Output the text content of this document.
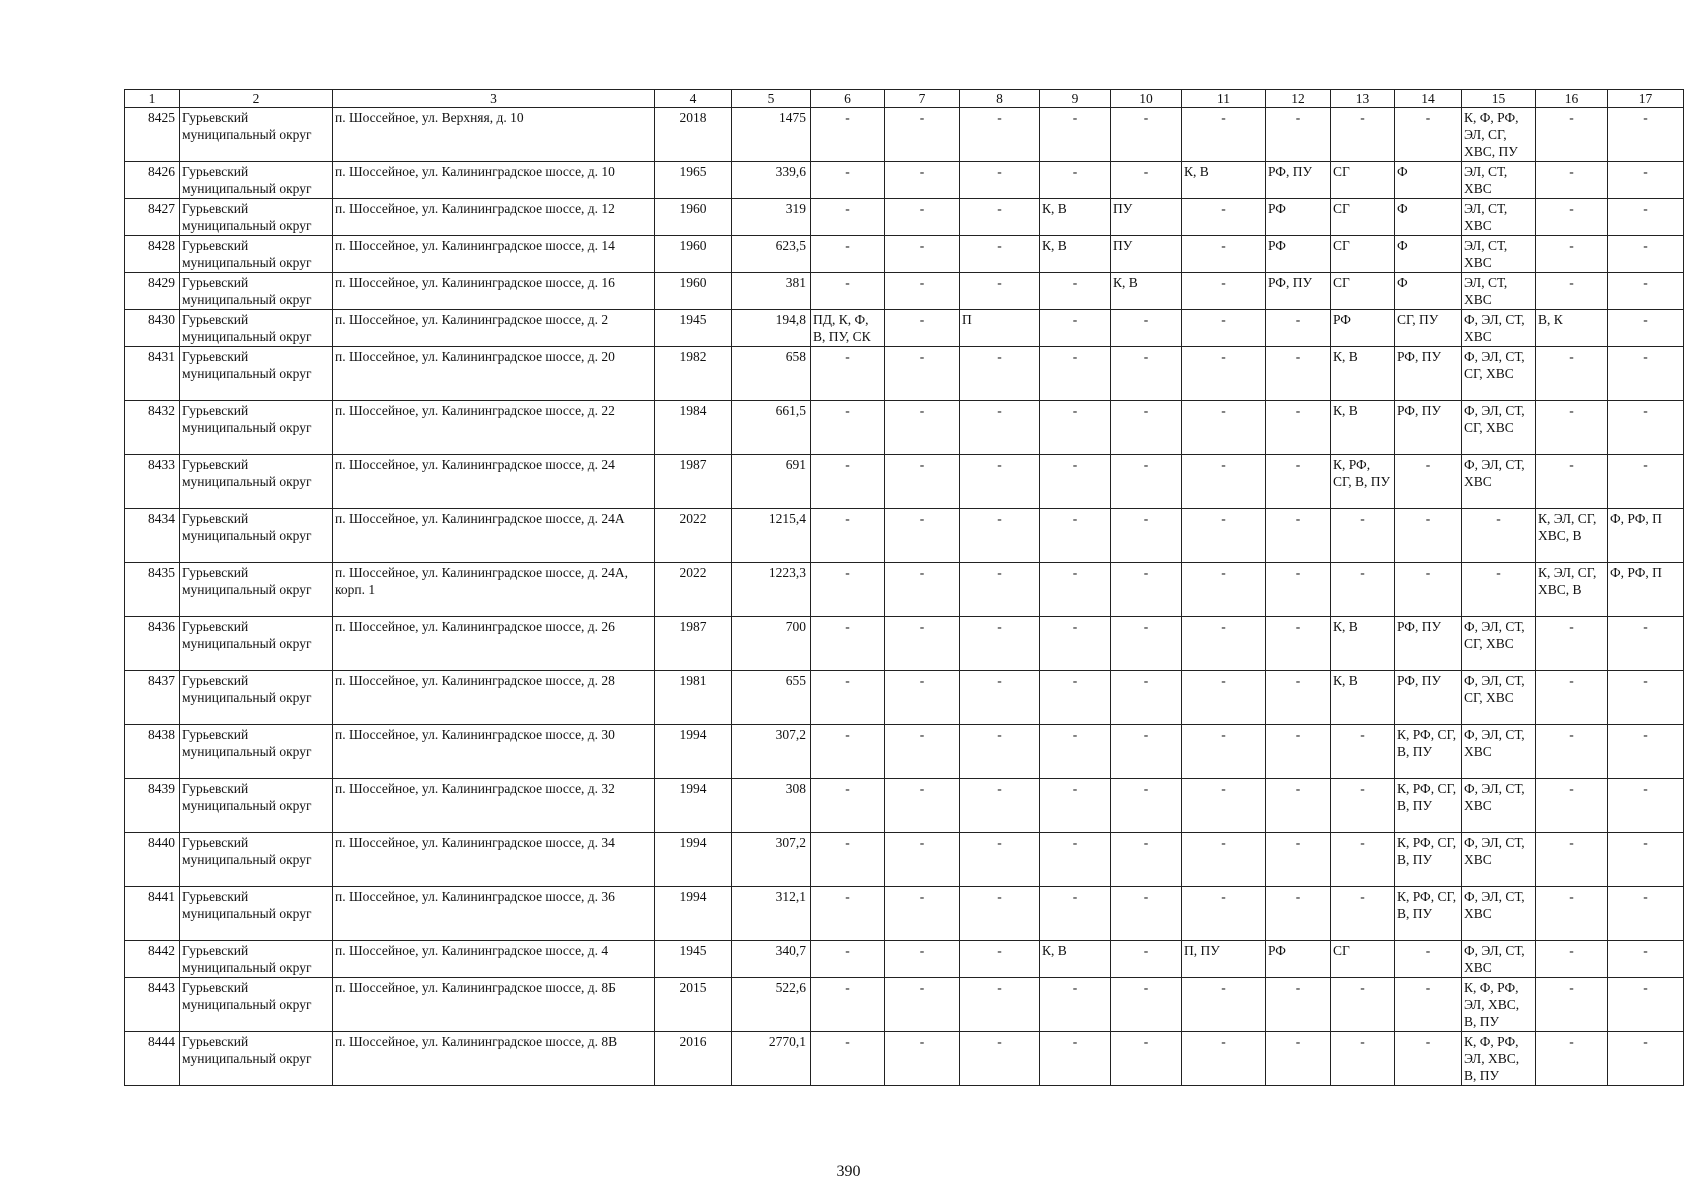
1	2	3	4	5	6	7	8	9	10	11	12	13	14	15	16	17
8425	Гурьевский муниципальный округ	п. Шоссейное, ул. Верхняя, д. 10	2018	1475	-	-	-	-	-	-	-	-	-	К, Ф, РФ, ЭЛ, СГ, ХВС, ПУ	-	-
8426	Гурьевский муниципальный округ	п. Шоссейное, ул. Калининградское шоссе, д. 10	1965	339,6	-	-	-	-	-	К, В	РФ, ПУ	СГ	Ф	ЭЛ, СТ, ХВС	-	-
8427	Гурьевский муниципальный округ	п. Шоссейное, ул. Калининградское шоссе, д. 12	1960	319	-	-	-	К, В	ПУ	-	РФ	СГ	Ф	ЭЛ, СТ, ХВС	-	-
8428	Гурьевский муниципальный округ	п. Шоссейное, ул. Калининградское шоссе, д. 14	1960	623,5	-	-	-	К, В	ПУ	-	РФ	СГ	Ф	ЭЛ, СТ, ХВС	-	-
8429	Гурьевский муниципальный округ	п. Шоссейное, ул. Калининградское шоссе, д. 16	1960	381	-	-	-	-	К, В	-	РФ, ПУ	СГ	Ф	ЭЛ, СТ, ХВС	-	-
8430	Гурьевский муниципальный округ	п. Шоссейное, ул. Калининградское шоссе, д. 2	1945	194,8	ПД, К, Ф, В, ПУ, СК	-	П	-	-	-	-	РФ	СГ, ПУ	Ф, ЭЛ, СТ, ХВС	В, К	-
8431	Гурьевский муниципальный округ	п. Шоссейное, ул. Калининградское шоссе, д. 20	1982	658	-	-	-	-	-	-	-	К, В	РФ, ПУ	Ф, ЭЛ, СТ, СГ, ХВС	-	-
8432	Гурьевский муниципальный округ	п. Шоссейное, ул. Калининградское шоссе, д. 22	1984	661,5	-	-	-	-	-	-	-	К, В	РФ, ПУ	Ф, ЭЛ, СТ, СГ, ХВС	-	-
8433	Гурьевский муниципальный округ	п. Шоссейное, ул. Калининградское шоссе, д. 24	1987	691	-	-	-	-	-	-	-	К, РФ, СГ, В, ПУ	-	Ф, ЭЛ, СТ, ХВС	-	-
8434	Гурьевский муниципальный округ	п. Шоссейное, ул. Калининградское шоссе, д. 24А	2022	1215,4	-	-	-	-	-	-	-	-	-	-	К, ЭЛ, СГ, ХВС, В	Ф, РФ, П
8435	Гурьевский муниципальный округ	п. Шоссейное, ул. Калининградское шоссе, д. 24А, корп. 1	2022	1223,3	-	-	-	-	-	-	-	-	-	-	К, ЭЛ, СГ, ХВС, В	Ф, РФ, П
8436	Гурьевский муниципальный округ	п. Шоссейное, ул. Калининградское шоссе, д. 26	1987	700	-	-	-	-	-	-	-	К, В	РФ, ПУ	Ф, ЭЛ, СТ, СГ, ХВС	-	-
8437	Гурьевский муниципальный округ	п. Шоссейное, ул. Калининградское шоссе, д. 28	1981	655	-	-	-	-	-	-	-	К, В	РФ, ПУ	Ф, ЭЛ, СТ, СГ, ХВС	-	-
8438	Гурьевский муниципальный округ	п. Шоссейное, ул. Калининградское шоссе, д. 30	1994	307,2	-	-	-	-	-	-	-	-	К, РФ, СГ, В, ПУ	Ф, ЭЛ, СТ, ХВС	-	-
8439	Гурьевский муниципальный округ	п. Шоссейное, ул. Калининградское шоссе, д. 32	1994	308	-	-	-	-	-	-	-	-	К, РФ, СГ, В, ПУ	Ф, ЭЛ, СТ, ХВС	-	-
8440	Гурьевский муниципальный округ	п. Шоссейное, ул. Калининградское шоссе, д. 34	1994	307,2	-	-	-	-	-	-	-	-	К, РФ, СГ, В, ПУ	Ф, ЭЛ, СТ, ХВС	-	-
8441	Гурьевский муниципальный округ	п. Шоссейное, ул. Калининградское шоссе, д. 36	1994	312,1	-	-	-	-	-	-	-	-	К, РФ, СГ, В, ПУ	Ф, ЭЛ, СТ, ХВС	-	-
8442	Гурьевский муниципальный округ	п. Шоссейное, ул. Калининградское шоссе, д. 4	1945	340,7	-	-	-	К, В	-	П, ПУ	РФ	СГ	-	Ф, ЭЛ, СТ, ХВС	-	-
8443	Гурьевский муниципальный округ	п. Шоссейное, ул. Калининградское шоссе, д. 8Б	2015	522,6	-	-	-	-	-	-	-	-	-	К, Ф, РФ, ЭЛ, ХВС, В, ПУ	-	-
8444	Гурьевский муниципальный округ	п. Шоссейное, ул. Калининградское шоссе, д. 8В	2016	2770,1	-	-	-	-	-	-	-	-	-	К, Ф, РФ, ЭЛ, ХВС, В, ПУ	-	-
390
